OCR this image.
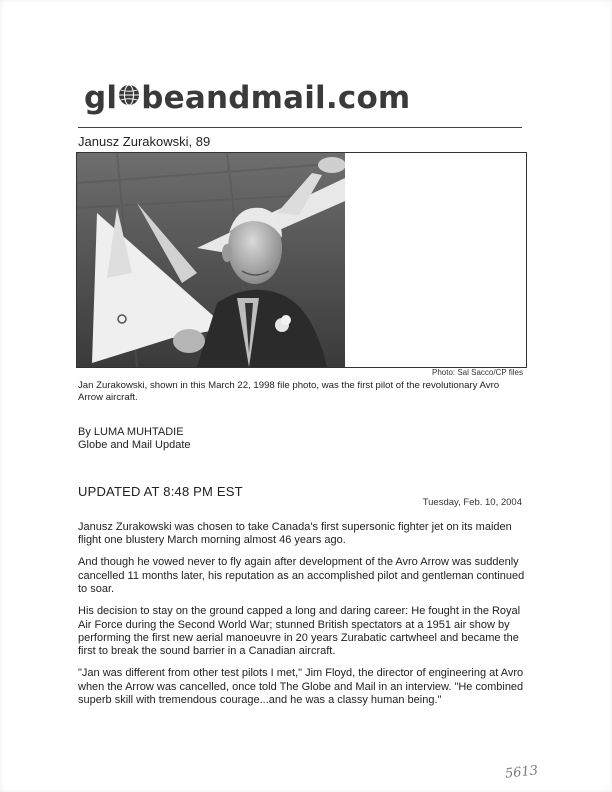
gl beandmail.com
Janusz Zurakowski, 89
Photo: Sal Sacco/CP files
Jan Zurakowski, shown in this March 22, 1998 file photo, was the first pilot of the revolutionary Avro Arrow aircraft.
By LUMA MUHTADIE
Globe and Mail Update
UPDATED AT 8:48 PM EST
Tuesday, Feb. 10, 2004

Janusz Zurakowski was chosen to take Canada's first supersonic fighter jet on its maiden flight one blustery March morning almost 46 years ago.

And though he vowed never to fly again after development of the Avro Arrow was suddenly cancelled 11 months later, his reputation as an accomplished pilot and gentleman continued to soar.

His decision to stay on the ground capped a long and daring career: He fought in the Royal Air Force during the Second World War; stunned British spectators at a 1951 air show by performing the first new aerial manoeuvre in 20 years Zurabatic cartwheel and became the first to break the sound barrier in a Canadian aircraft.

"Jan was different from other test pilots I met," Jim Floyd, the director of engineering at Avro when the Arrow was cancelled, once told The Globe and Mail in an interview. "He combined superb skill with tremendous courage...and he was a classy human being."

5613
